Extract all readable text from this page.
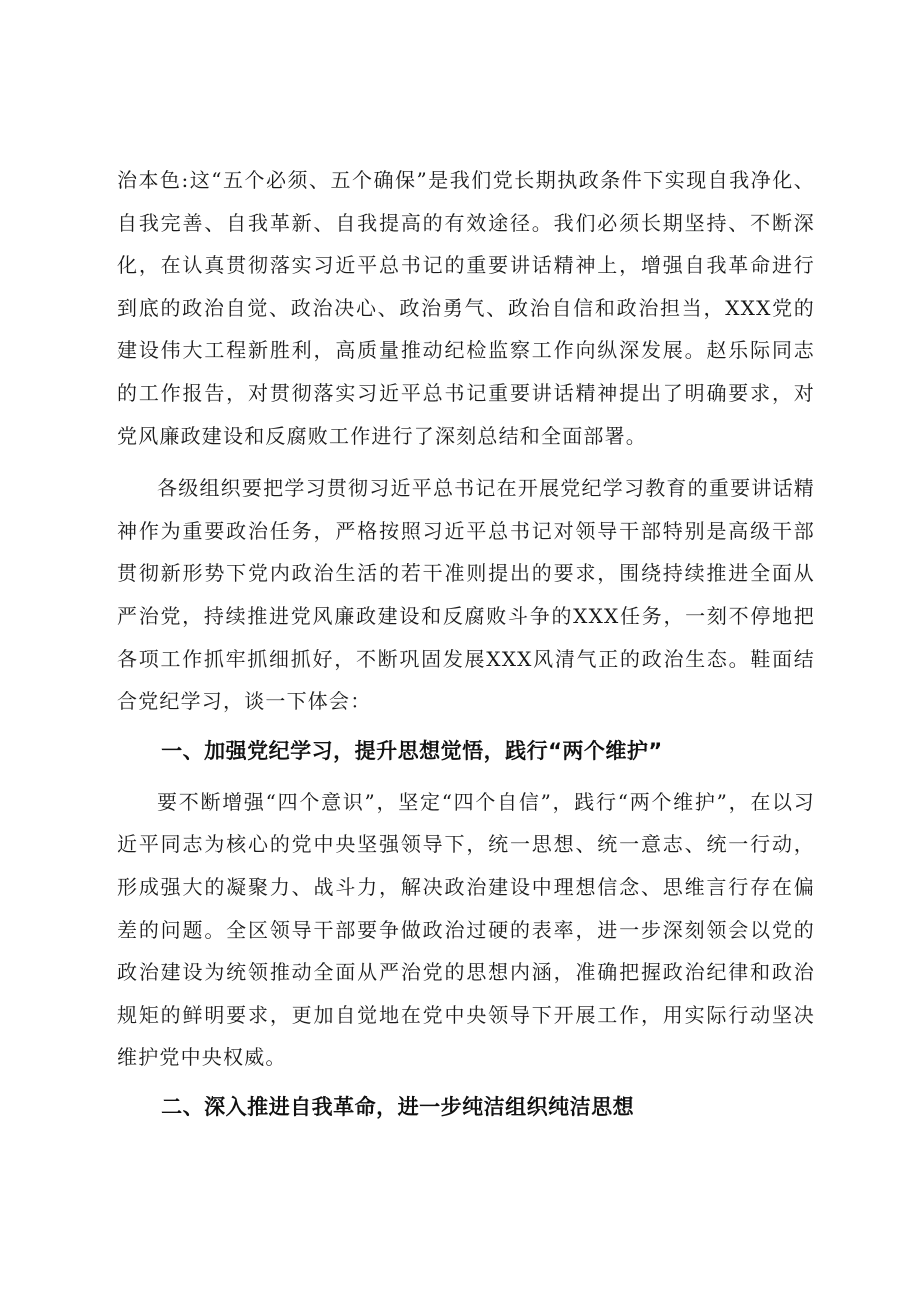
治本色:这“五个必须、五个确保”是我们党长期执政条件下实现自我净化、自我完善、自我革新、自我提高的有效途径。我们必须长期坚持、不断深化，在认真贯彻落实习近平总书记的重要讲话精神上，增强自我革命进行到底的政治自觉、政治决心、政治勇气、政治自信和政治担当，XXX党的建设伟大工程新胜利，高质量推动纪检监察工作向纵深发展。赵乐际同志的工作报告，对贯彻落实习近平总书记重要讲话精神提出了明确要求，对党风廉政建设和反腐败工作进行了深刻总结和全面部署。

各级组织要把学习贯彻习近平总书记在开展党纪学习教育的重要讲话精神作为重要政治任务，严格按照习近平总书记对领导干部特别是高级干部贯彻新形势下党内政治生活的若干准则提出的要求，围绕持续推进全面从严治党，持续推进党风廉政建设和反腐败斗争的XXX任务，一刻不停地把各项工作抓牢抓细抓好，不断巩固发展XXX风清气正的政治生态。鞋面结合党纪学习，谈一下体会：

一、加强党纪学习，提升思想觉悟，践行“两个维护”

要不断增强“四个意识”，坚定“四个自信”，践行“两个维护”，在以习近平同志为核心的党中央坚强领导下，统一思想、统一意志、统一行动，形成强大的凝聚力、战斗力，解决政治建设中理想信念、思维言行存在偏差的问题。全区领导干部要争做政治过硬的表率，进一步深刻领会以党的政治建设为统领推动全面从严治党的思想内涵，准确把握政治纪律和政治规矩的鲜明要求，更加自觉地在党中央领导下开展工作，用实际行动坚决维护党中央权威。

二、深入推进自我革命，进一步纯洁组织纯洁思想
